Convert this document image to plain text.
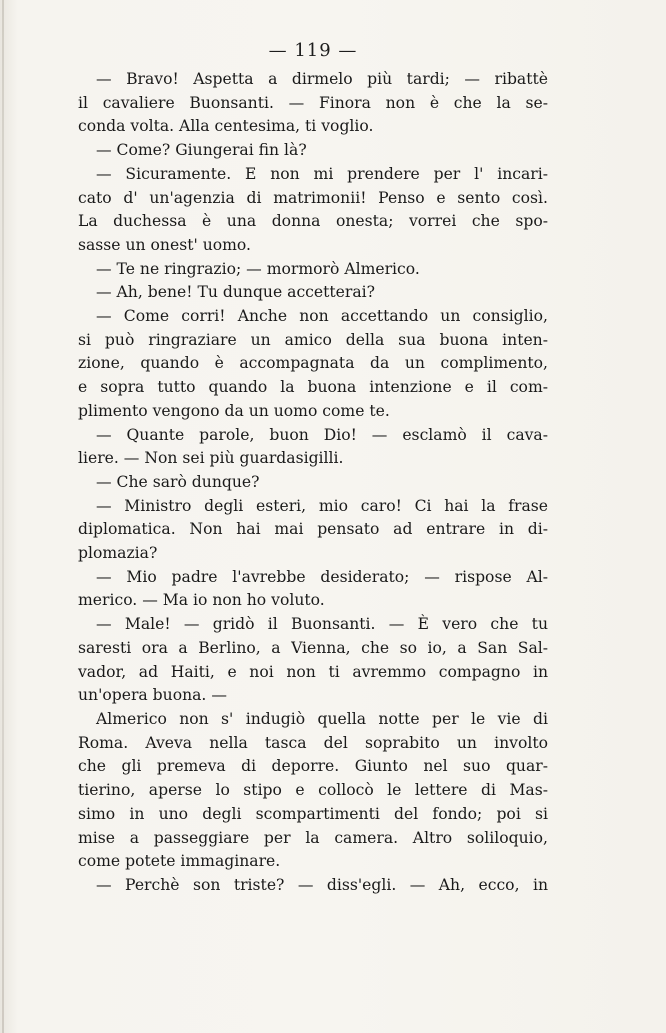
— 119 —
— Bravo! Aspetta a dirmelo più tardi; — ribattè
il cavaliere Buonsanti. — Finora non è che la se-
conda volta. Alla centesima, ti voglio.
— Come? Giungerai fin là?
— Sicuramente. E non mi prendere per l' incari-
cato d' un'agenzia di matrimonii! Penso e sento così.
La duchessa è una donna onesta; vorrei che spo-
sasse un onest' uomo.
— Te ne ringrazio; — mormorò Almerico.
— Ah, bene! Tu dunque accetterai?
— Come corri! Anche non accettando un consiglio,
si può ringraziare un amico della sua buona inten-
zione, quando è accompagnata da un complimento,
e sopra tutto quando la buona intenzione e il com-
plimento vengono da un uomo come te.
— Quante parole, buon Dio! — esclamò il cava-
liere. — Non sei più guardasigilli.
— Che sarò dunque?
— Ministro degli esteri, mio caro! Ci hai la frase
diplomatica. Non hai mai pensato ad entrare in di-
plomazia?
— Mio padre l'avrebbe desiderato; — rispose Al-
merico. — Ma io non ho voluto.
— Male! — gridò il Buonsanti. — È vero che tu
saresti ora a Berlino, a Vienna, che so io, a San Sal-
vador, ad Haiti, e noi non ti avremmo compagno in
un'opera buona. —
Almerico non s' indugiò quella notte per le vie di
Roma. Aveva nella tasca del soprabito un involto
che gli premeva di deporre. Giunto nel suo quar-
tierino, aperse lo stipo e collocò le lettere di Mas-
simo in uno degli scompartimenti del fondo; poi si
mise a passeggiare per la camera. Altro soliloquio,
come potete immaginare.
— Perchè son triste? — diss'egli. — Ah, ecco, in
